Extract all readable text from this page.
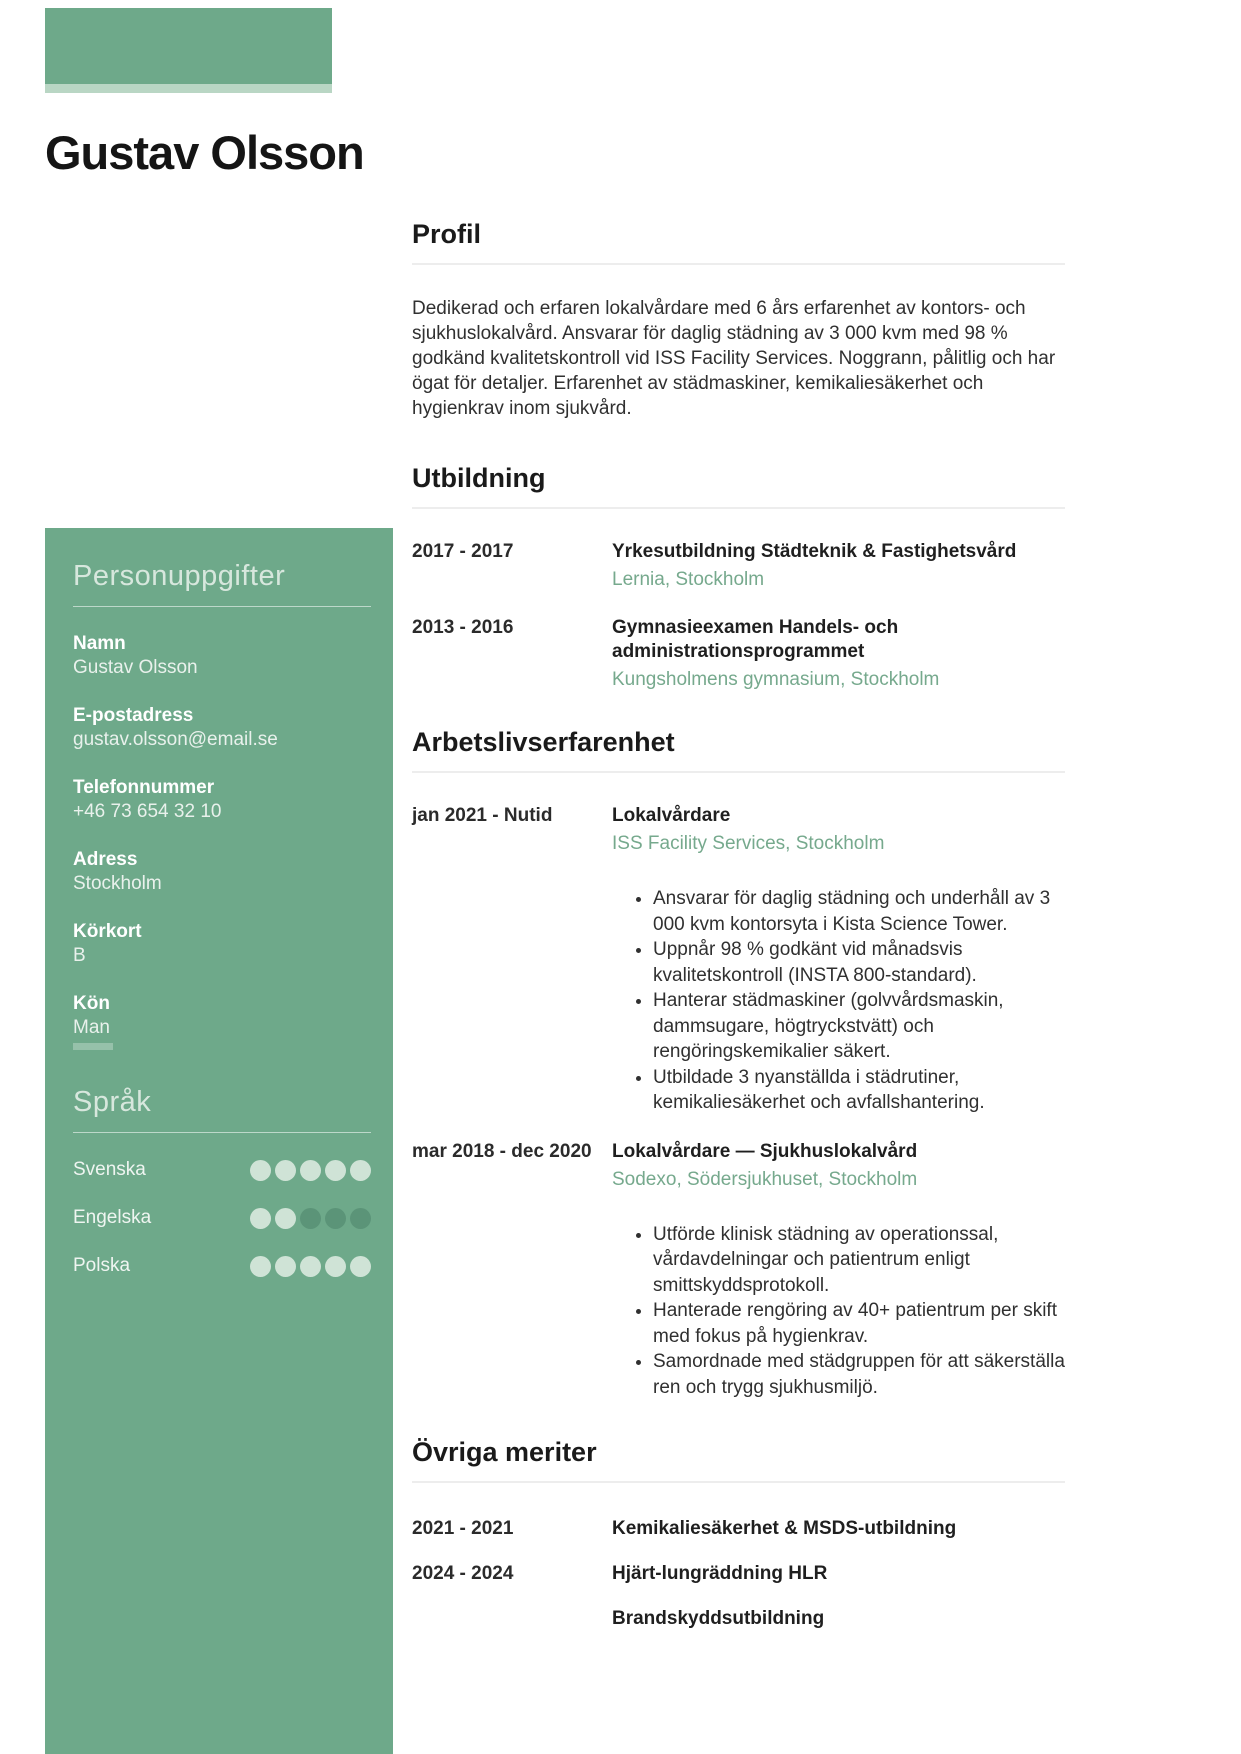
Gustav Olsson
Personuppgifter
Namn
Gustav Olsson
E-postadress
gustav.olsson@email.se
Telefonnummer
+46 73 654 32 10
Adress
Stockholm
Körkort
B
Kön
Man
Språk
Svenska
Engelska
Polska
Profil

Dedikerad och erfaren lokalvårdare med 6 års erfarenhet av kontors- och sjukhuslokalvård. Ansvarar för daglig städning av 3 000 kvm med 98 % godkänd kvalitetskontroll vid ISS Facility Services. Noggrann, pålitlig och har ögat för detaljer. Erfarenhet av städmaskiner, kemikaliesäkerhet och hygienkrav inom sjukvård.

Utbildning
2017 - 2017	Yrkesutbildning Städteknik & Fastighetsvård
Lernia, Stockholm
2013 - 2016	Gymnasieexamen Handels- och administrationsprogrammet
Kungsholmens gymnasium, Stockholm
Arbetslivserfarenhet
jan 2021 - Nutid	Lokalvårdare
ISS Facility Services, Stockholm
• Ansvarar för daglig städning och underhåll av 3 000 kvm kontorsyta i Kista Science Tower.
• Uppnår 98 % godkänt vid månadsvis kvalitetskontroll (INSTA 800-standard).
• Hanterar städmaskiner (golvvårdsmaskin, dammsugare, högtryckstvätt) och rengöringskemikalier säkert.
• Utbildade 3 nyanställda i städrutiner, kemikaliesäkerhet och avfallshantering.
mar 2018 - dec 2020	Lokalvårdare — Sjukhuslokalvård
Sodexo, Södersjukhuset, Stockholm
• Utförde klinisk städning av operationssal, vårdavdelningar och patientrum enligt smittskyddsprotokoll.
• Hanterade rengöring av 40+ patientrum per skift med fokus på hygienkrav.
• Samordnade med städgruppen för att säkerställa ren och trygg sjukhusmiljö.
Övriga meriter
2021 - 2021	Kemikaliesäkerhet & MSDS-utbildning
2024 - 2024	Hjärt-lungräddning HLR
Brandskyddsutbildning
